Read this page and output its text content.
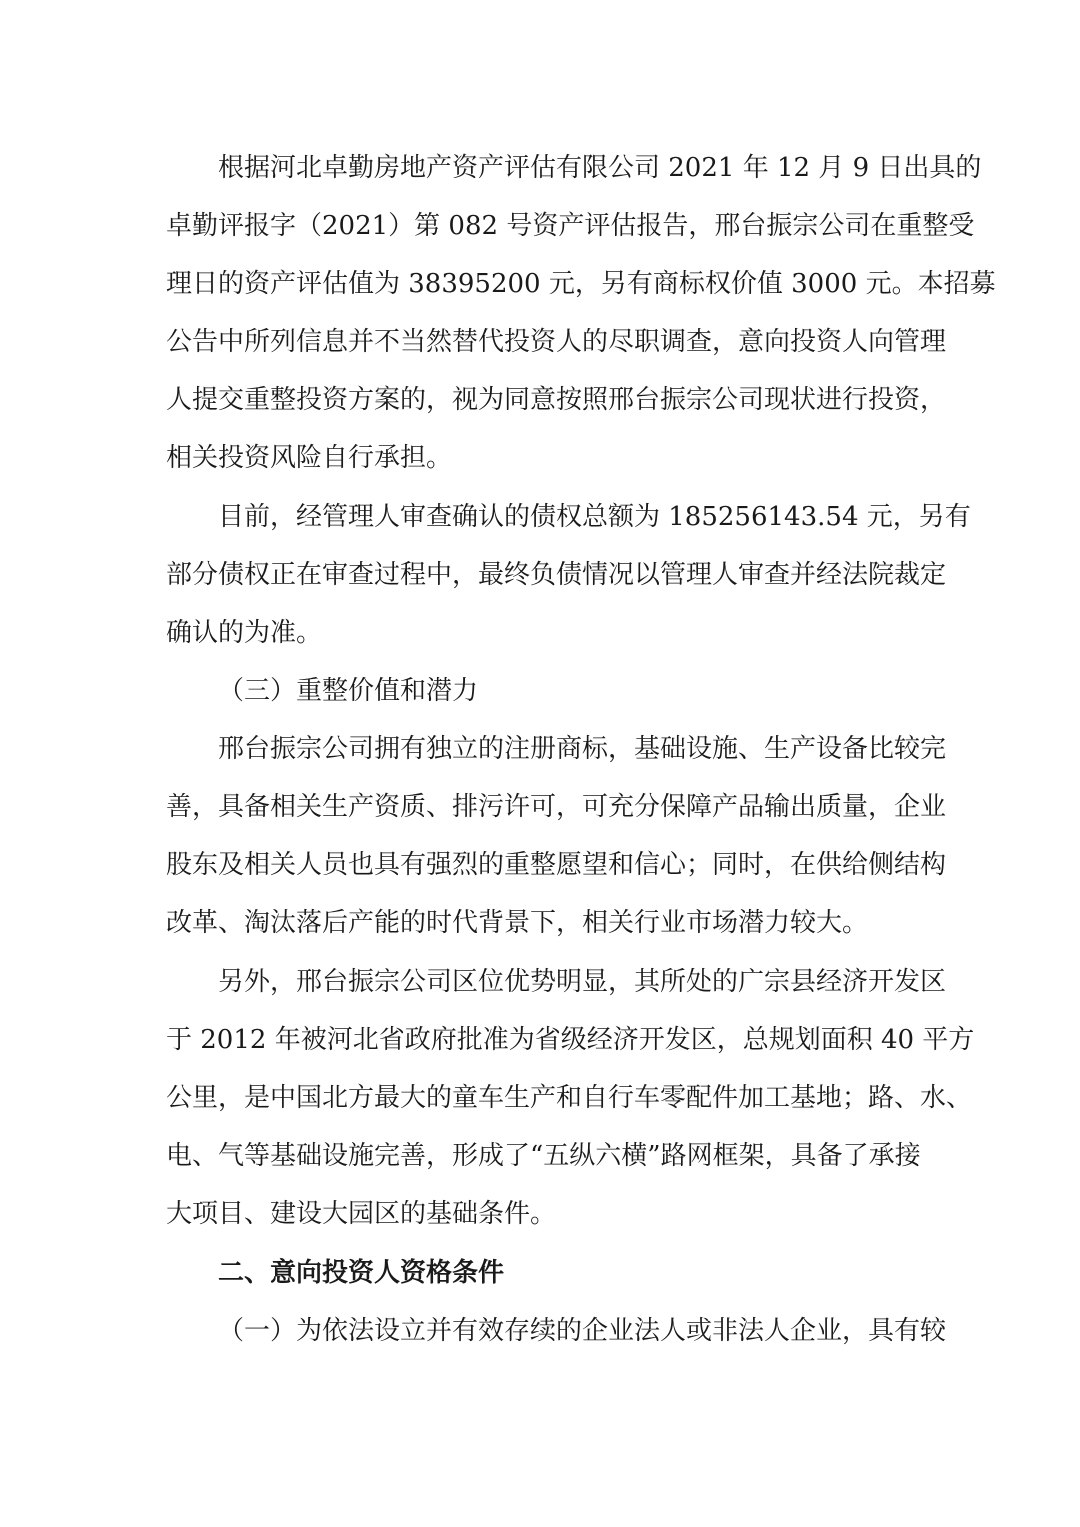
根据河北卓勤房地产资产评估有限公司 2021 年 12 月 9 日出具的
卓勤评报字（2021）第 082 号资产评估报告，邢台振宗公司在重整受
理日的资产评估值为 38395200 元，另有商标权价值 3000 元。本招募
公告中所列信息并不当然替代投资人的尽职调查，意向投资人向管理
人提交重整投资方案的，视为同意按照邢台振宗公司现状进行投资，
相关投资风险自行承担。
目前，经管理人审查确认的债权总额为 185256143.54 元，另有
部分债权正在审查过程中，最终负债情况以管理人审查并经法院裁定
确认的为准。
（三）重整价值和潜力
邢台振宗公司拥有独立的注册商标，基础设施、生产设备比较完
善，具备相关生产资质、排污许可，可充分保障产品输出质量，企业
股东及相关人员也具有强烈的重整愿望和信心；同时，在供给侧结构
改革、淘汰落后产能的时代背景下，相关行业市场潜力较大。
另外，邢台振宗公司区位优势明显，其所处的广宗县经济开发区
于 2012 年被河北省政府批准为省级经济开发区，总规划面积 40 平方
公里，是中国北方最大的童车生产和自行车零配件加工基地；路、水、
电、气等基础设施完善，形成了“五纵六横”路网框架，具备了承接
大项目、建设大园区的基础条件。
二、意向投资人资格条件
（一）为依法设立并有效存续的企业法人或非法人企业，具有较
